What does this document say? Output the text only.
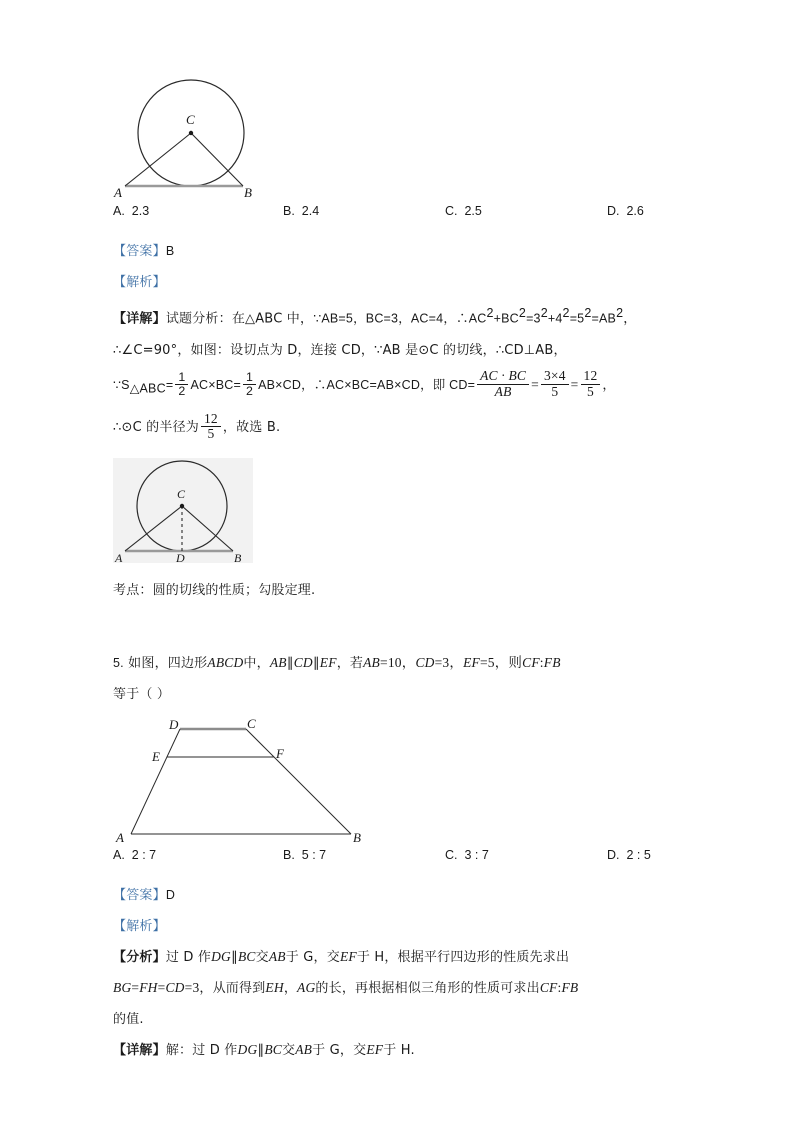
C
A	B
A. 2.3	B. 2.4	C. 2.5	D. 2.6
【答案】B
【解析】
【详解】试题分析：在△ABC 中，∵AB=5，BC=3，AC=4，$\therefore AC^2+BC^2=3^2+4^2=5^2=AB^2$，
∴∠C=90°，如图：设切点为 D，连接 CD，∵AB 是⊙C 的切线，∴CD⊥AB，
$\because S_{\triangle ABC}= \frac{1}{2} AC\times BC= \frac{1}{2} AB\times CD$，∴AC×BC=AB×CD，即 $CD= \frac{AC \cdot BC}{AB} = \frac{3\times 4}{5} = \frac{12}{5}$ ，
∴⊙C 的半径为 $\frac{12}{5}$ ，故选 B.
C
A	D	B
考点：圆的切线的性质；勾股定理.
5. 如图，四边形ABCD中，AB∥CD∥EF，若AB=10，CD=3，EF=5，则CF:FB
等于（ ）
D	C
E	F
A	B
A. 2 : 7	B. 5 : 7	C. 3 : 7	D. 2 : 5
【答案】D
【解析】
【分析】过 D 作DG∥BC交AB于 G，交EF于 H，根据平行四边形的性质先求出
BG=FH=CD=3，从而得到EH，AG的长，再根据相似三角形的性质可求出CF:FB
的值.
【详解】解：过 D 作DG∥BC交AB于 G，交EF于 H.
